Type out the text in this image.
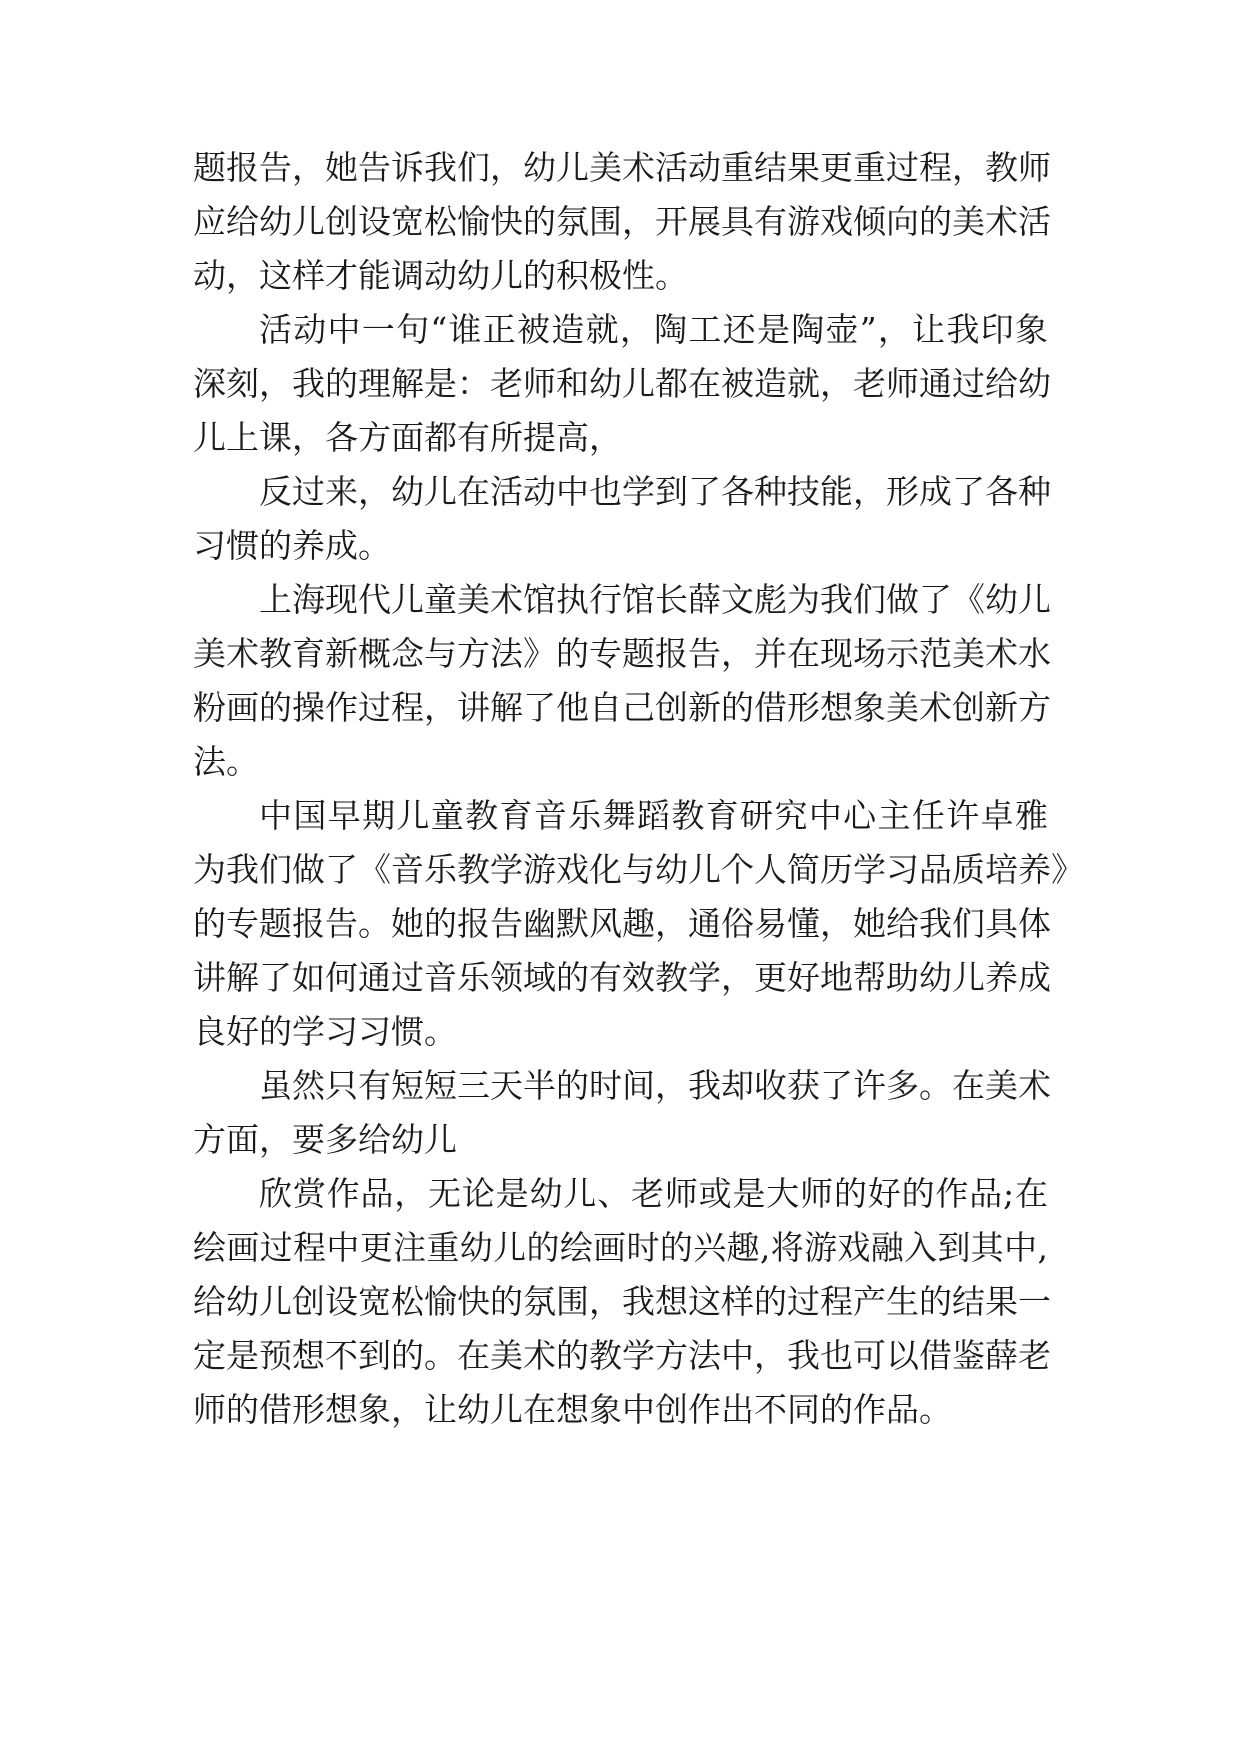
题报告，她告诉我们，幼儿美术活动重结果更重过程，教师
应给幼儿创设宽松愉快的氛围，开展具有游戏倾向的美术活
动，这样才能调动幼儿的积极性。
活动中一句“谁正被造就，陶工还是陶壶”，让我印象
深刻，我的理解是：老师和幼儿都在被造就，老师通过给幼
儿上课，各方面都有所提高，
反过来，幼儿在活动中也学到了各种技能，形成了各种
习惯的养成。
上海现代儿童美术馆执行馆长薛文彪为我们做了《幼儿
美术教育新概念与方法》的专题报告，并在现场示范美术水
粉画的操作过程，讲解了他自己创新的借形想象美术创新方
法。
中国早期儿童教育音乐舞蹈教育研究中心主任许卓雅
为我们做了《音乐教学游戏化与幼儿个人简历学习品质培养》
的专题报告。她的报告幽默风趣，通俗易懂，她给我们具体
讲解了如何通过音乐领域的有效教学，更好地帮助幼儿养成
良好的学习习惯。
虽然只有短短三天半的时间，我却收获了许多。在美术
方面，要多给幼儿
欣赏作品，无论是幼儿、老师或是大师的好的作品;在
绘画过程中更注重幼儿的绘画时的兴趣,将游戏融入到其中,
给幼儿创设宽松愉快的氛围，我想这样的过程产生的结果一
定是预想不到的。在美术的教学方法中，我也可以借鉴薛老
师的借形想象，让幼儿在想象中创作出不同的作品。
